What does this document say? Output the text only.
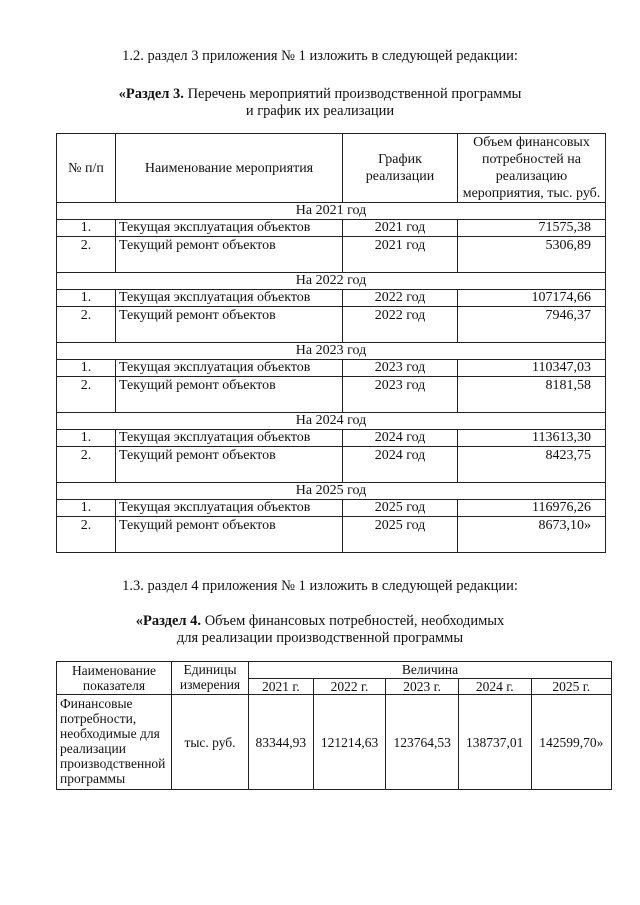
1.2. раздел 3 приложения № 1 изложить в следующей редакции:
«Раздел 3. Перечень мероприятий производственной программы
и график их реализации
№ п/п	Наименование мероприятия	График реализации	Объем финансовых потребностей на реализацию мероприятия, тыс. руб.
На 2021 год			
1.	Текущая эксплуатация объектов	2021 год	71575,38
2.	Текущий ремонт объектов	2021 год	5306,89
На 2022 год			
1.	Текущая эксплуатация объектов	2022 год	107174,66
2.	Текущий ремонт объектов	2022 год	7946,37
На 2023 год			
1.	Текущая эксплуатация объектов	2023 год	110347,03
2.	Текущий ремонт объектов	2023 год	8181,58
На 2024 год			
1.	Текущая эксплуатация объектов	2024 год	113613,30
2.	Текущий ремонт объектов	2024 год	8423,75
На 2025 год			
1.	Текущая эксплуатация объектов	2025 год	116976,26
2.	Текущий ремонт объектов	2025 год	8673,10»
1.3. раздел 4 приложения № 1 изложить в следующей редакции:
«Раздел 4. Объем финансовых потребностей, необходимых
для реализации производственной программы
Наименование показателя	Единицы измерения	Величина				
		2021 г.	2022 г.	2023 г.	2024 г.	2025 г.
Финансовые потребности, необходимые для реализации производственной программы	тыс. руб.	83344,93	121214,63	123764,53	138737,01	142599,70»
